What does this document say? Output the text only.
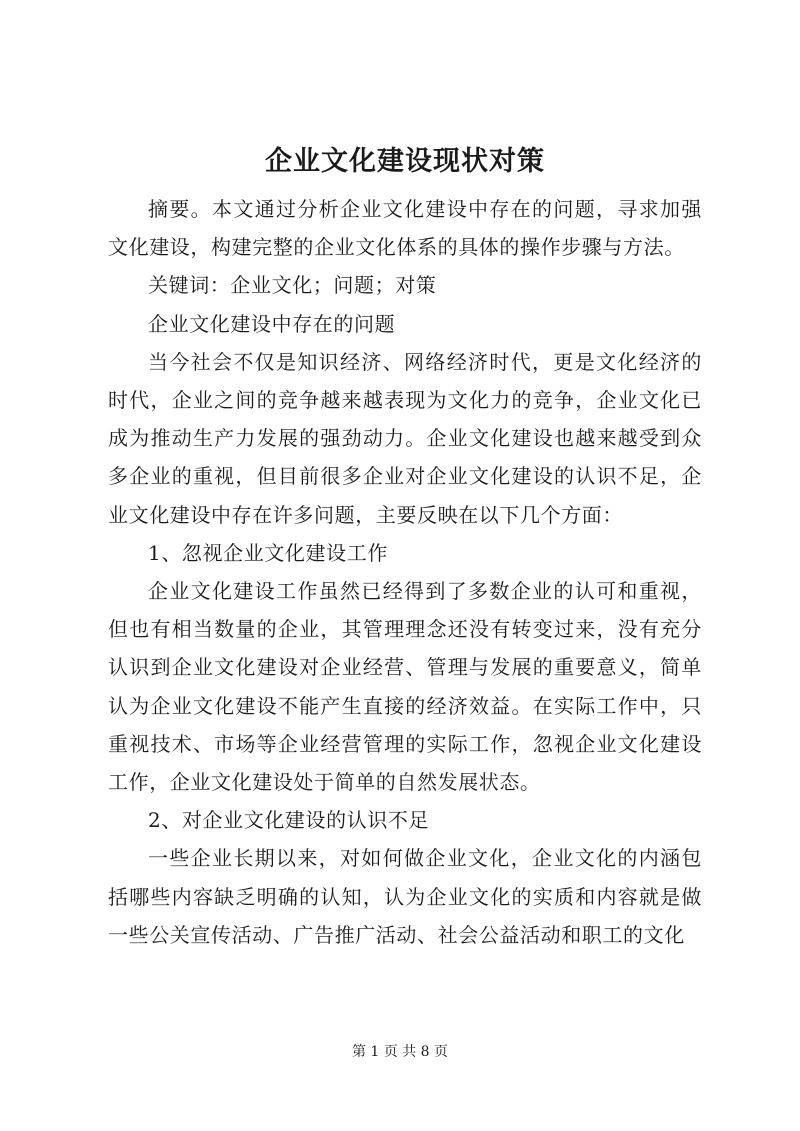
企业文化建设现状对策

摘要。本文通过分析企业文化建设中存在的问题，寻求加强文化建设，构建完整的企业文化体系的具体的操作步骤与方法。

关键词：企业文化；问题；对策

企业文化建设中存在的问题

当今社会不仅是知识经济、网络经济时代，更是文化经济的时代，企业之间的竞争越来越表现为文化力的竞争，企业文化已成为推动生产力发展的强劲动力。企业文化建设也越来越受到众多企业的重视，但目前很多企业对企业文化建设的认识不足，企业文化建设中存在许多问题，主要反映在以下几个方面：

1、忽视企业文化建设工作

企业文化建设工作虽然已经得到了多数企业的认可和重视，但也有相当数量的企业，其管理理念还没有转变过来，没有充分认识到企业文化建设对企业经营、管理与发展的重要意义，简单认为企业文化建设不能产生直接的经济效益。在实际工作中，只重视技术、市场等企业经营管理的实际工作，忽视企业文化建设工作，企业文化建设处于简单的自然发展状态。

2、对企业文化建设的认识不足

一些企业长期以来，对如何做企业文化，企业文化的内涵包括哪些内容缺乏明确的认知，认为企业文化的实质和内容就是做一些公关宣传活动、广告推广活动、社会公益活动和职工的文化

第 1 页 共 8 页
